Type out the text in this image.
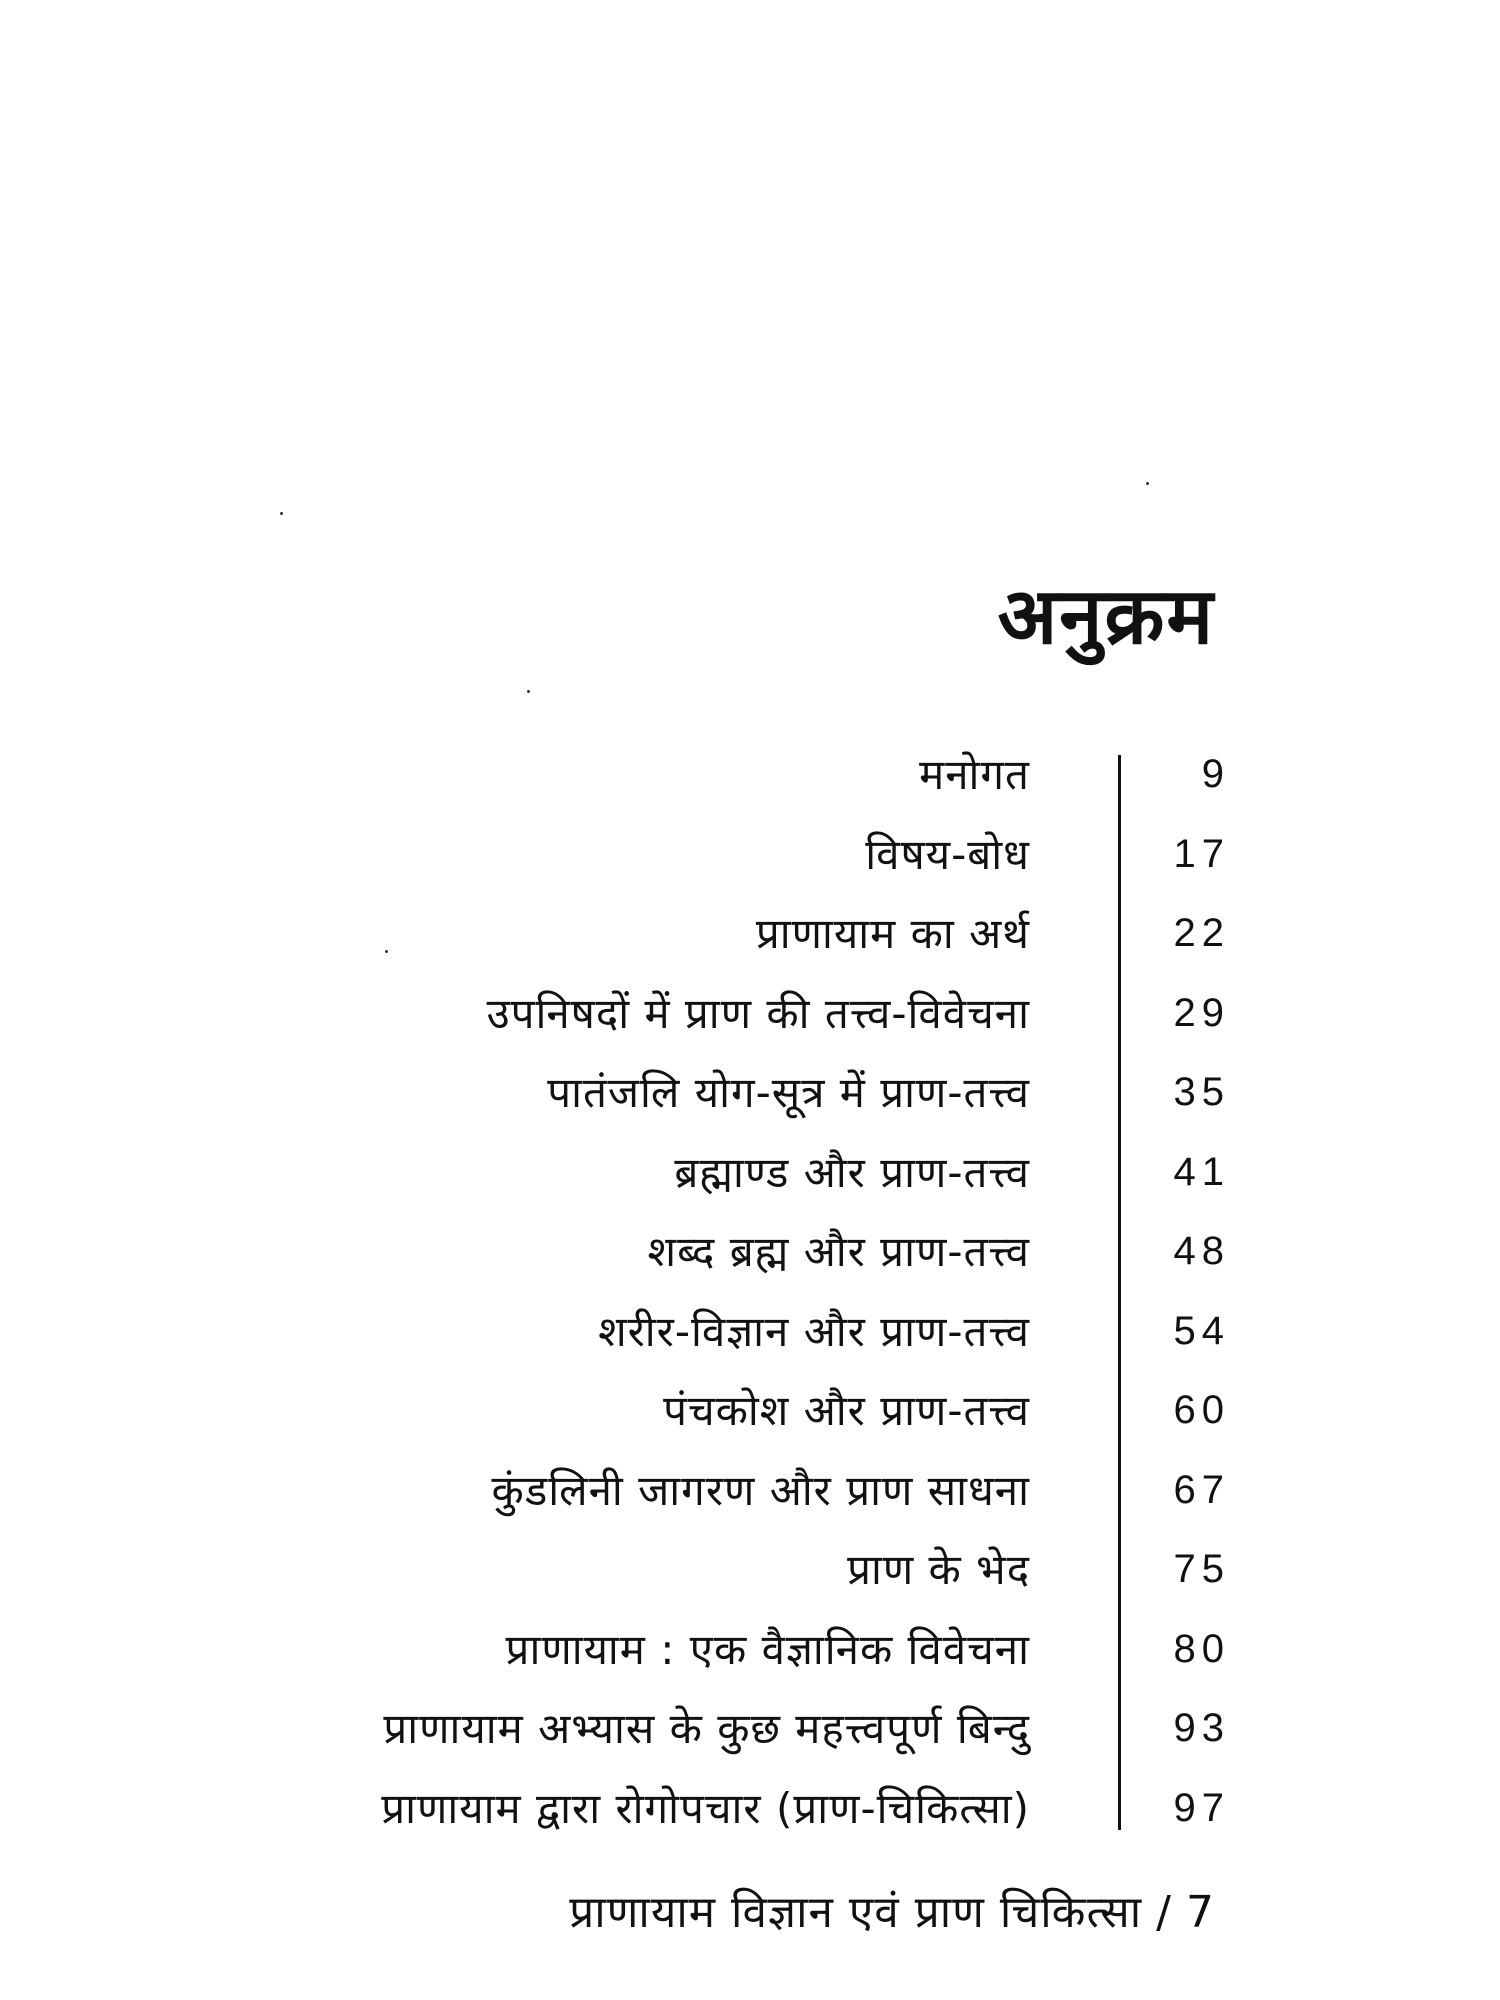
अनुक्रम
मनोगत	9
विषय-बोध	17
प्राणायाम का अर्थ	22
उपनिषदों में प्राण की तत्त्व-विवेचना	29
पातंजलि योग-सूत्र में प्राण-तत्त्व	35
ब्रह्माण्ड और प्राण-तत्त्व	41
शब्द ब्रह्म और प्राण-तत्त्व	48
शरीर-विज्ञान और प्राण-तत्त्व	54
पंचकोश और प्राण-तत्त्व	60
कुंडलिनी जागरण और प्राण साधना	67
प्राण के भेद	75
प्राणायाम : एक वैज्ञानिक विवेचना	80
प्राणायाम अभ्यास के कुछ महत्त्वपूर्ण बिन्दु	93
प्राणायाम द्वारा रोगोपचार (प्राण-चिकित्सा)	97
प्राणायाम विज्ञान एवं प्राण चिकित्सा / 7
